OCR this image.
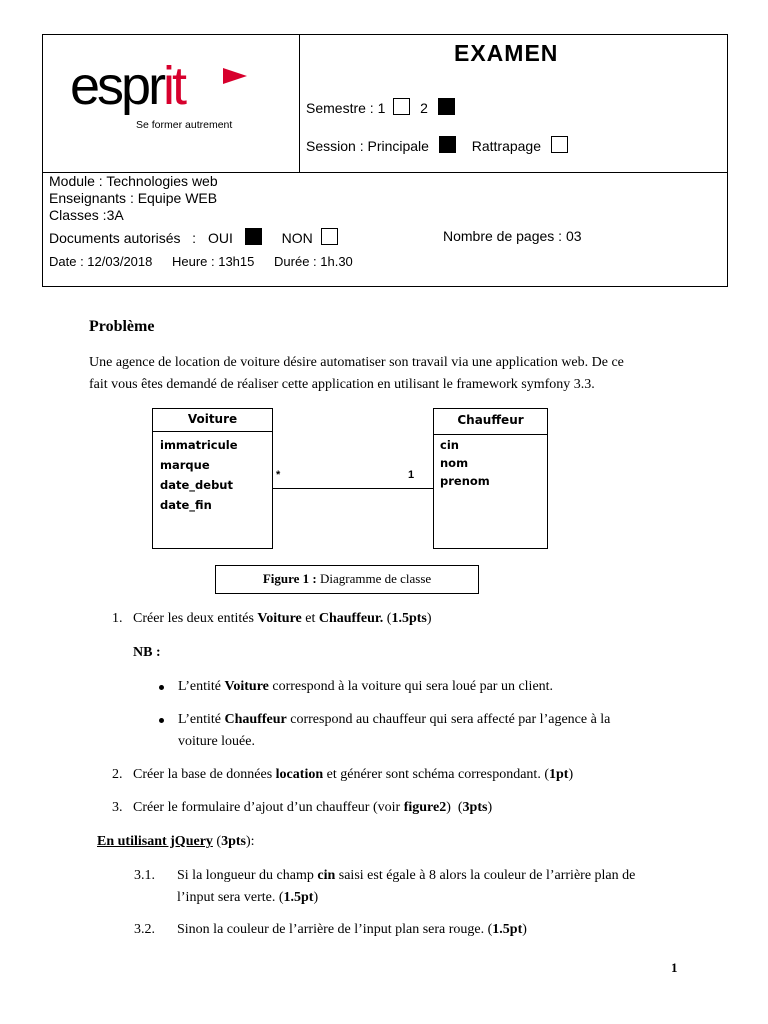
esprit
Se former autrement
EXAMEN
Semestre : 1 2
Session : Principale	Rattrapage
Module : Technologies web
Enseignants : Equipe WEB
Classes :3A
Documents autorisés   : OUI	NON	Nombre de pages : 03
Date : 12/03/2018 Heure : 13h15 Durée : 1h.30
Problème
Une agence de location de voiture désire automatiser son travail via une application web. De ce
fait vous êtes demandé de réaliser cette application en utilisant le framework symfony 3.3.
Voiture
immatricule
marque
date_debut
date_fin
Chauffeur
cin
nom
prenom
*	1
Figure 1 : Diagramme de classe
1. Créer les deux entités Voiture et Chauffeur. (1.5pts)
NB :
L’entité Voiture correspond à la voiture qui sera loué par un client.
L’entité Chauffeur correspond au chauffeur qui sera affecté par l’agence à la
voiture louée.
2. Créer la base de données location et générer sont schéma correspondant. (1pt)
3. Créer le formulaire d’ajout d’un chauffeur (voir figure2)  (3pts)
En utilisant jQuery (3pts):
3.1. Si la longueur du champ cin saisi est égale à 8 alors la couleur de l’arrière plan de
l’input sera verte. (1.5pt)
3.2. Sinon la couleur de l’arrière de l’input plan sera rouge. (1.5pt)
1
